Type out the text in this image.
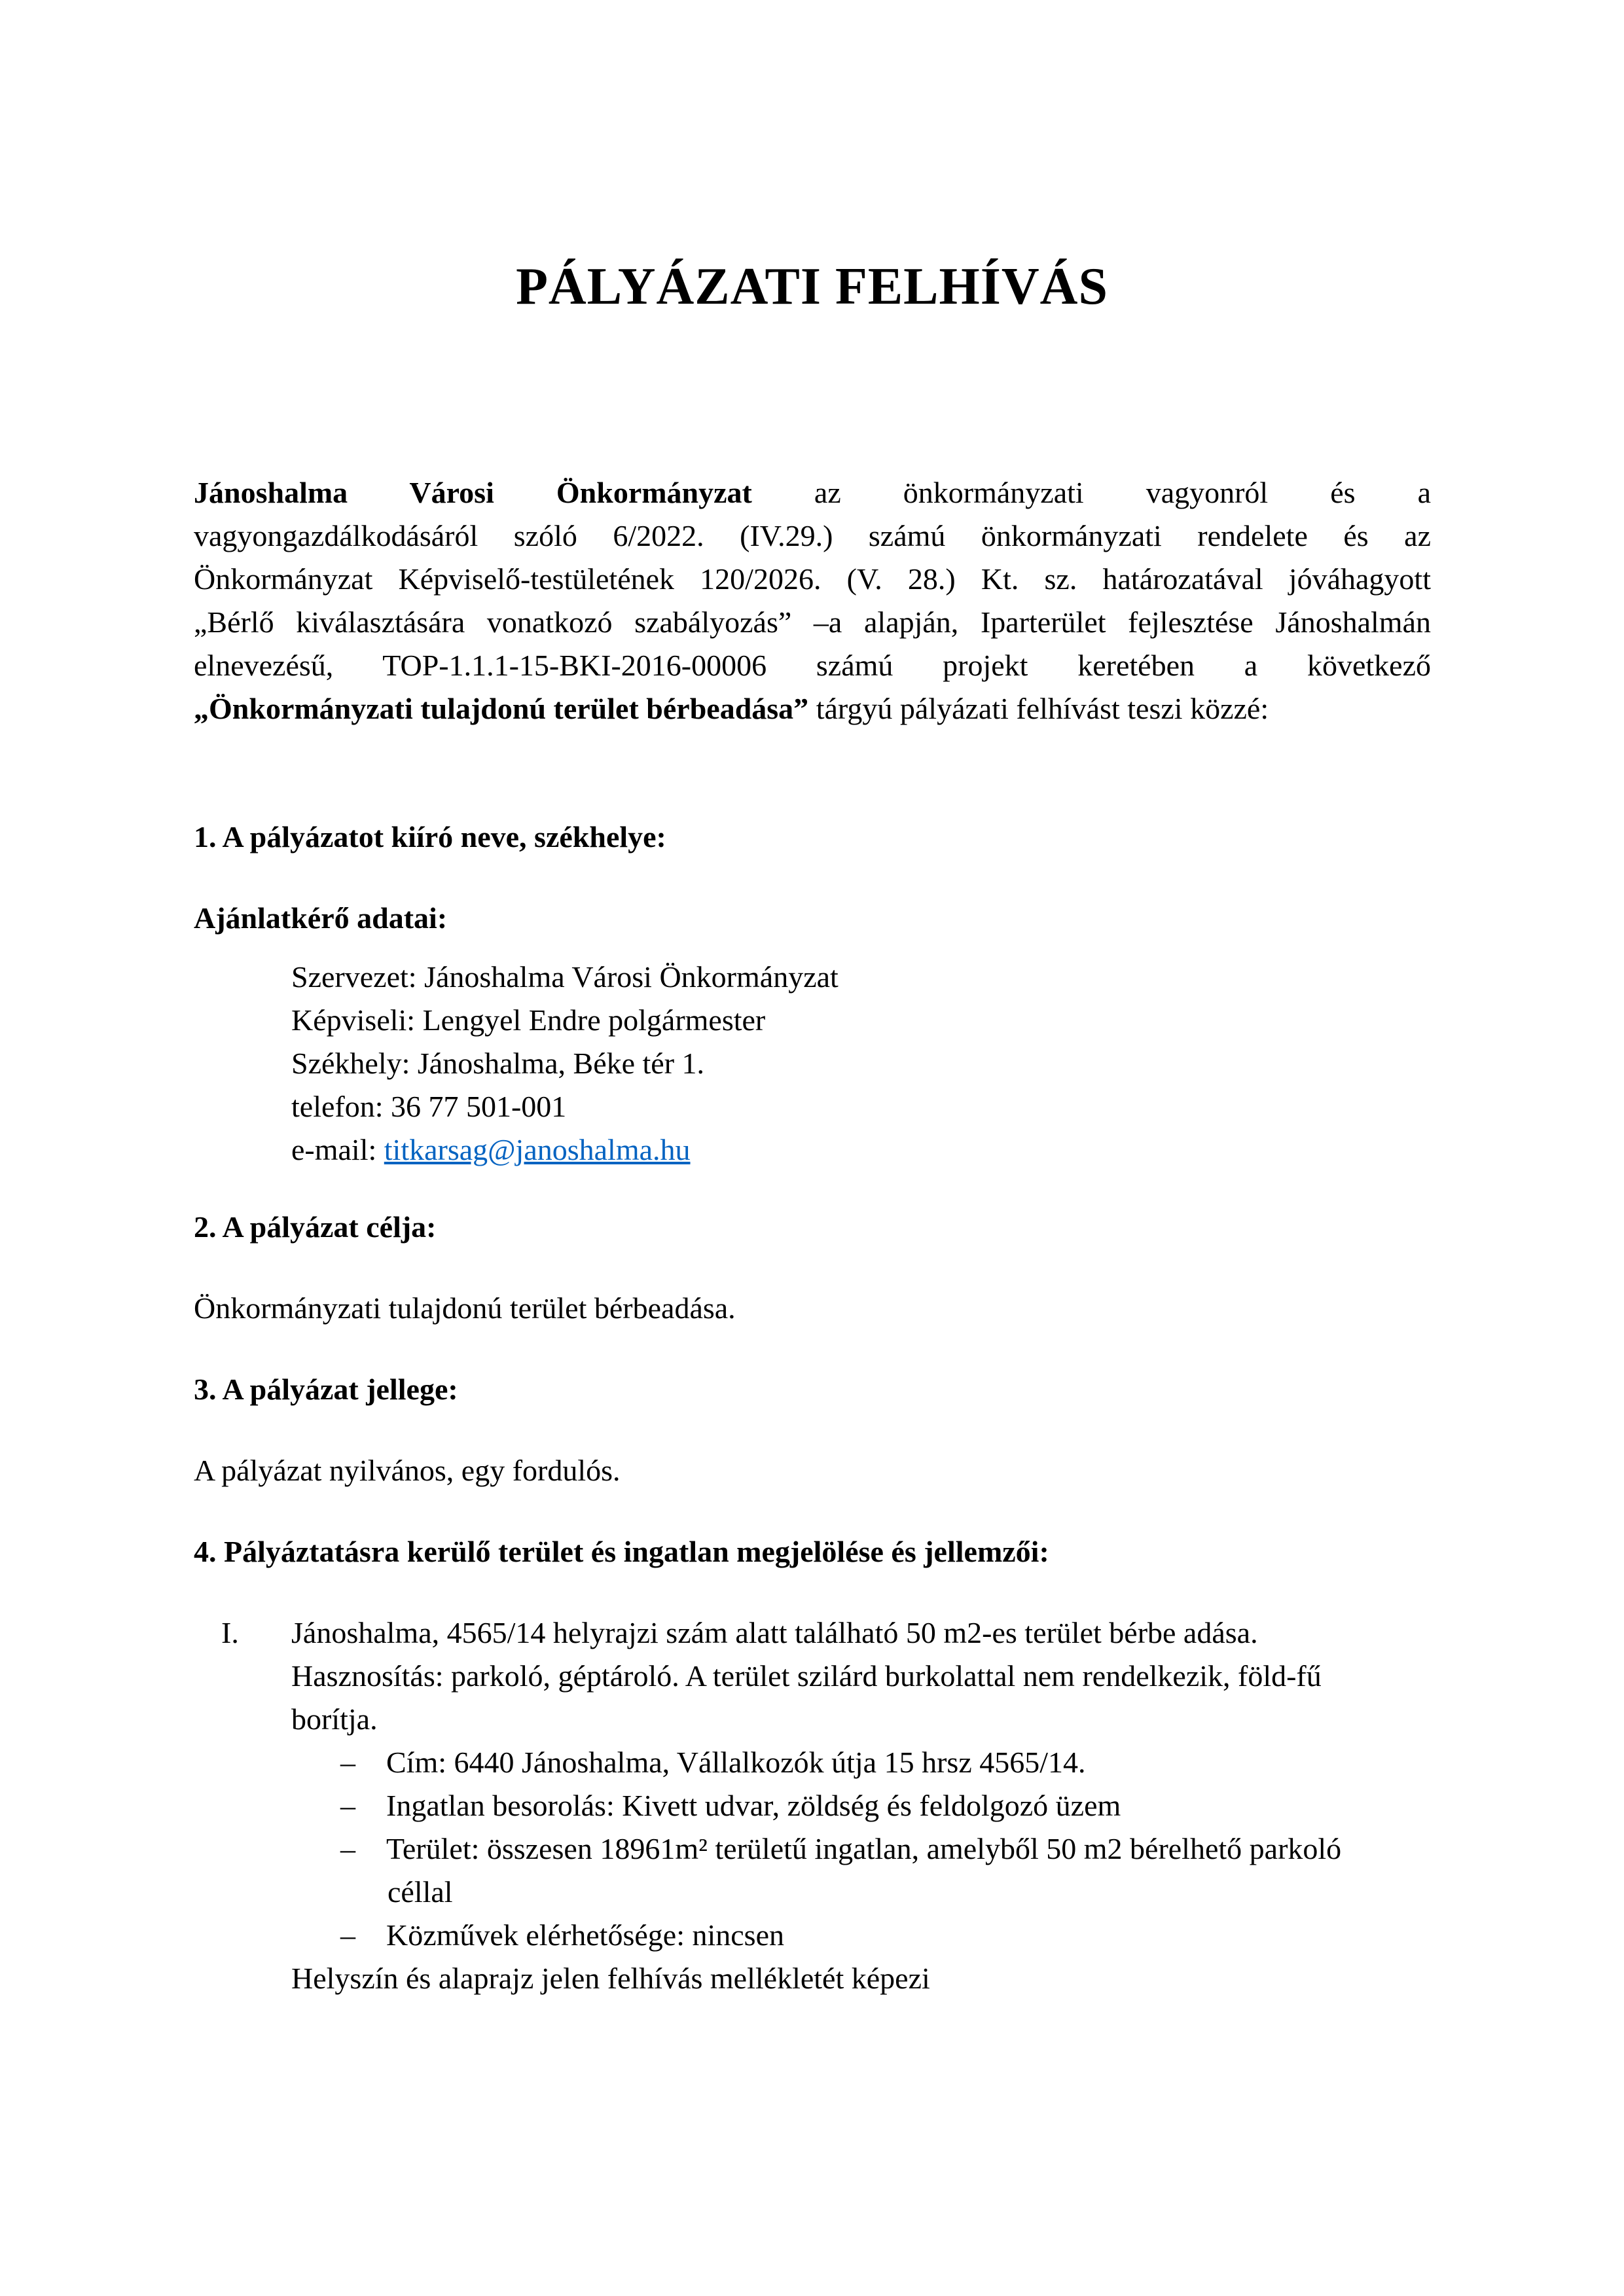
PÁLYÁZATI FELHÍVÁS
Jánoshalma Városi Önkormányzat az önkormányzati vagyonról és a
vagyongazdálkodásáról szóló 6/2022. (IV.29.) számú önkormányzati rendelete és az
Önkormányzat Képviselő-testületének 120/2026. (V. 28.) Kt. sz. határozatával jóváhagyott
„Bérlő kiválasztására vonatkozó szabályozás” –a alapján, Iparterület fejlesztése Jánoshalmán
elnevezésű, TOP-1.1.1-15-BKI-2016-00006 számú projekt keretében a következő
„Önkormányzati tulajdonú terület bérbeadása” tárgyú pályázati felhívást teszi közzé:
1. A pályázatot kiíró neve, székhelye:
Ajánlatkérő adatai:
Szervezet: Jánoshalma Városi Önkormányzat
Képviseli: Lengyel Endre polgármester
Székhely: Jánoshalma, Béke tér 1.
telefon: 36 77 501-001
e-mail: titkarsag@janoshalma.hu
2. A pályázat célja:
Önkormányzati tulajdonú terület bérbeadása.
3. A pályázat jellege:
A pályázat nyilvános, egy fordulós.
4. Pályáztatásra kerülő terület és ingatlan megjelölése és jellemzői:
I. Jánoshalma, 4565/14 helyrajzi szám alatt található 50 m2-es terület bérbe adása.
Hasznosítás: parkoló, géptároló. A terület szilárd burkolattal nem rendelkezik, föld-fű
borítja.
– Cím: 6440 Jánoshalma, Vállalkozók útja 15 hrsz 4565/14.
– Ingatlan besorolás: Kivett udvar, zöldség és feldolgozó üzem
– Terület: összesen 18961m² területű ingatlan, amelyből 50 m2 bérelhető parkoló
céllal
– Közművek elérhetősége: nincsen
Helyszín és alaprajz jelen felhívás mellékletét képezi
